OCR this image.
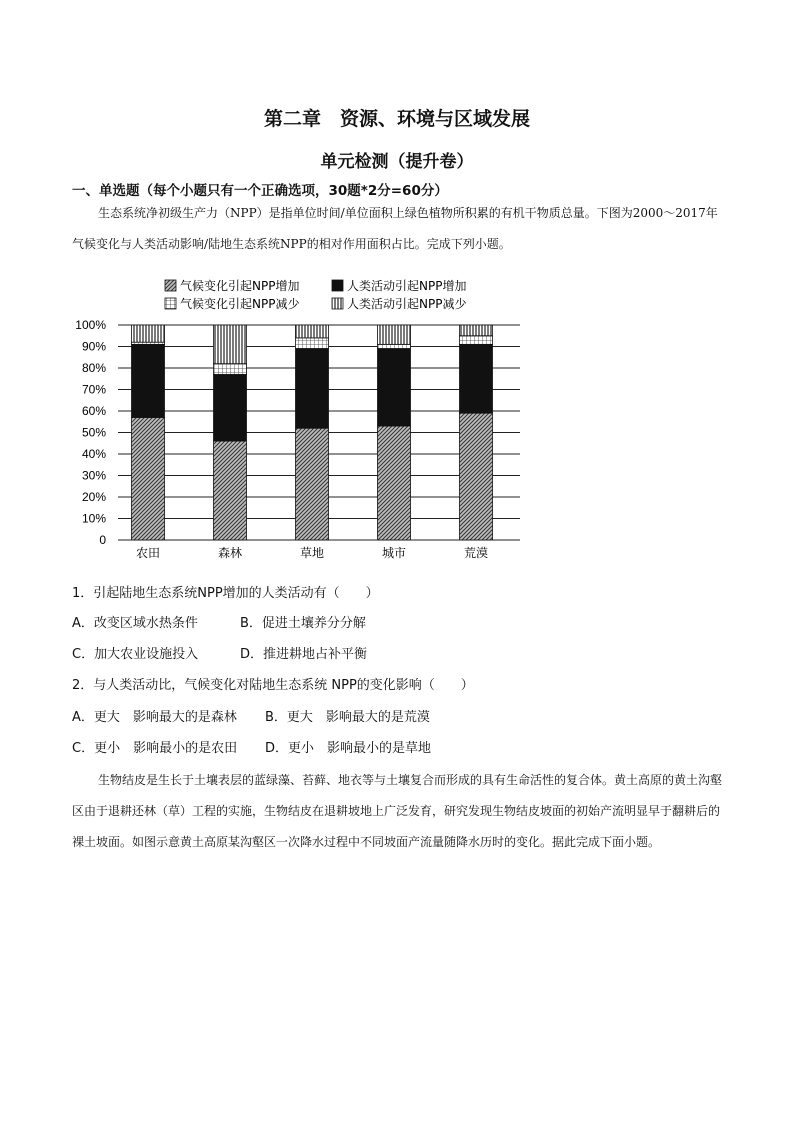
第二章　资源、环境与区域发展
单元检测（提升卷）
一、单选题（每个小题只有一个正确选项，30题*2分=60分）
生态系统净初级生产力（NPP）是指单位时间/单位面积上绿色植物所积累的有机干物质总量。下图为2000～2017年气候变化与人类活动影响/陆地生态系统NPP的相对作用面积占比。完成下列小题。
气候变化引起NPP增加	人类活动引起NPP增加
气候变化引起NPP减少	人类活动引起NPP减少
0
10%
20%
30%
40%
50%
60%
70%
80%
90%
100%
农田	森林	草地	城市	荒漠
1．引起陆地生态系统NPP增加的人类活动有（　　）
A．改变区域水热条件	B．促进土壤养分分解
C．加大农业设施投入	D．推进耕地占补平衡
2．与人类活动比，气候变化对陆地生态系统 NPP的变化影响（　　）
A．更大　影响最大的是森林 B．更大　影响最大的是荒漠
C．更小　影响最小的是农田 D．更小　影响最小的是草地
生物结皮是生长于土壤表层的蓝绿藻、苔藓、地衣等与土壤复合而形成的具有生命活性的复合体。黄土高原的黄土沟壑区由于退耕还林（草）工程的实施，生物结皮在退耕坡地上广泛发育，研究发现生物结皮坡面的初始产流明显早于翻耕后的裸土坡面。如图示意黄土高原某沟壑区一次降水过程中不同坡面产流量随降水历时的变化。据此完成下面小题。
